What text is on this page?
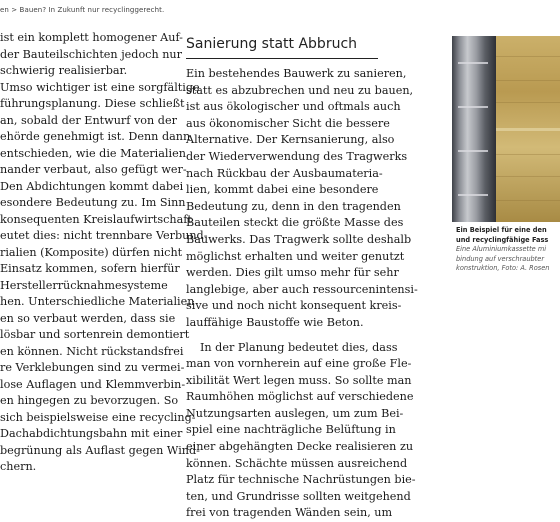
en > Bauen? In Zukunft nur recyclinggerecht.
ist ein komplett homogener Auf-
der Bauteilschichten jedoch nur
schwierig realisierbar.
Umso wichtiger ist eine sorgfältige
führungsplanung. Diese schließt
an, sobald der Entwurf von der
ehörde genehmigt ist. Denn dann
entschieden, wie die Materialien
nander verbaut, also gefügt wer-
Den Abdichtungen kommt dabei
esondere Bedeutung zu. Im Sinn
konsequenten Kreislaufwirtschaft
eutet dies: nicht trennbare Verbund-
rialien (Komposite) dürfen nicht
Einsatz kommen, sofern hierfür
Herstellerrücknahmesysteme
hen. Unterschiedliche Materialien
en so verbaut werden, dass sie
lösbar und sortenrein demontiert
en können. Nicht rückstandsfrei
re Verklebungen sind zu vermei-
lose Auflagen und Klemmverbin-
en hingegen zu bevorzugen. So
sich beispielsweise eine recycling-
Dachabdichtungsbahn mit einer
begrünung als Auflast gegen Wind-
chern.
Sanierung statt Abbruch
Ein bestehendes Bauwerk zu sanieren,
statt es abzubrechen und neu zu bauen,
ist aus ökologischer und oftmals auch
aus ökonomischer Sicht die bessere
Alternative. Der Kernsanierung, also
der Wiederverwendung des Tragwerks
nach Rückbau der Ausbaumateria-
lien, kommt dabei eine besondere
Bedeutung zu, denn in den tragenden
Bauteilen steckt die größte Masse des
Bauwerks. Das Tragwerk sollte deshalb
möglichst erhalten und weiter genutzt
werden. Dies gilt umso mehr für sehr
langlebige, aber auch ressourcenintensi-
sive und noch nicht konsequent kreis-
lauffähige Baustoffe wie Beton.
In der Planung bedeutet dies, dass
man von vornherein auf eine große Fle-
xibilität Wert legen muss. So sollte man
Raumhöhen möglichst auf verschiedene
Nutzungsarten auslegen, um zum Bei-
spiel eine nachträgliche Belüftung in
einer abgehängten Decke realisieren zu
können. Schächte müssen ausreichend
Platz für technische Nachrüstungen bie-
ten, und Grundrisse sollten weitgehend
frei von tragenden Wänden sein, um
Ein Beispiel für eine den
und recyclingfähige Fass
Eine Aluminiumkassette mi
bindung auf verschraubter
konstruktion, Foto: A. Rosen
